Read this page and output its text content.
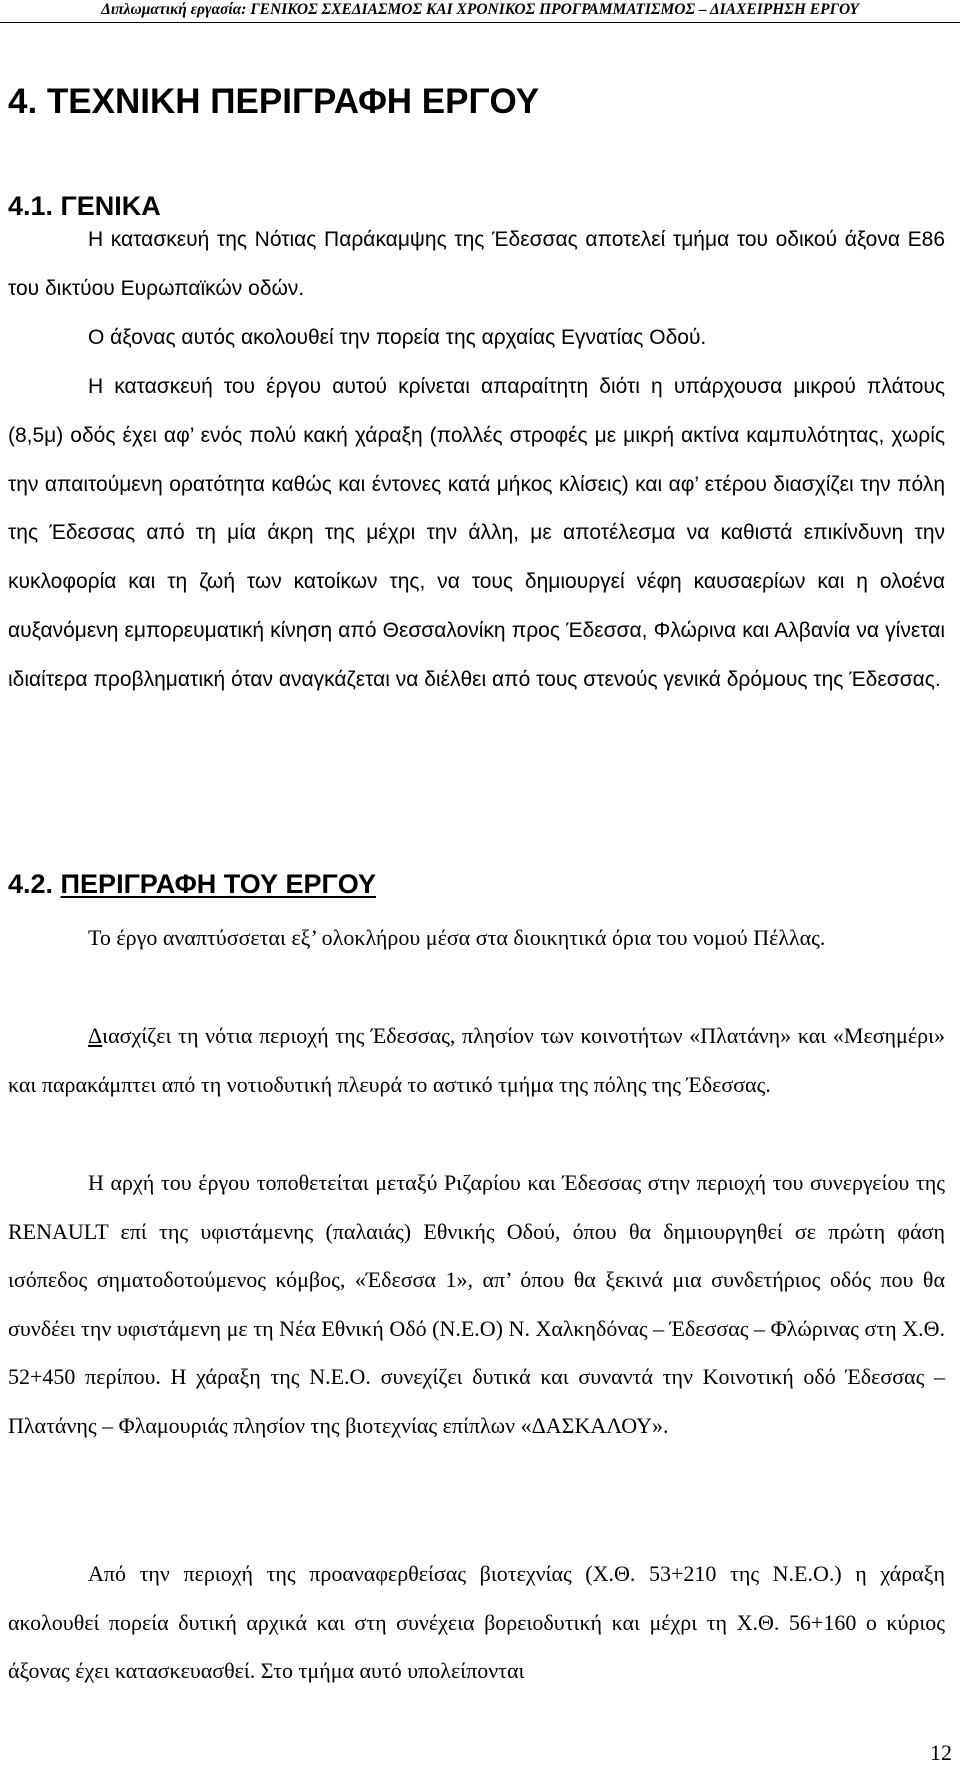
Διπλωματική εργασία: ΓΕΝΙΚΟΣ ΣΧΕΔΙΑΣΜΟΣ ΚΑΙ ΧΡΟΝΙΚΟΣ ΠΡΟΓΡΑΜΜΑΤΙΣΜΟΣ – ΔΙΑΧΕΙΡΗΣΗ ΕΡΓΟΥ
4. ΤΕΧΝΙΚΗ ΠΕΡΙΓΡΑΦΗ ΕΡΓΟΥ
4.1. ΓΕΝΙΚΑ

Η κατασκευή της Νότιας Παράκαμψης της Έδεσσας αποτελεί τμήμα του οδικού άξονα Ε86 του δικτύου Ευρωπαϊκών οδών.

Ο άξονας αυτός ακολουθεί την πορεία της αρχαίας Εγνατίας Οδού.

Η κατασκευή του έργου αυτού κρίνεται απαραίτητη διότι η υπάρχουσα μικρού πλάτους (8,5μ) οδός έχει αφ’ ενός πολύ κακή χάραξη (πολλές στροφές με μικρή ακτίνα καμπυλότητας, χωρίς την απαιτούμενη ορατότητα καθώς και έντονες κατά μήκος κλίσεις) και αφ’ ετέρου διασχίζει την πόλη της Έδεσσας από τη μία άκρη της μέχρι την άλλη, με αποτέλεσμα να καθιστά επικίνδυνη την κυκλοφορία και τη ζωή των κατοίκων της, να τους δημιουργεί νέφη καυσαερίων και η ολοένα αυξανόμενη εμπορευματική κίνηση από Θεσσαλονίκη προς Έδεσσα, Φλώρινα και Αλβανία να γίνεται ιδιαίτερα προβληματική όταν αναγκάζεται να διέλθει από τους στενούς γενικά δρόμους της Έδεσσας.

4.2. ΠΕΡΙΓΡΑΦΗ ΤΟΥ ΕΡΓΟΥ

Το έργο αναπτύσσεται εξ’ ολοκλήρου μέσα στα διοικητικά όρια του νομού Πέλλας.

Διασχίζει τη νότια περιοχή της Έδεσσας, πλησίον των κοινοτήτων «Πλατάνη» και «Μεσημέρι» και παρακάμπτει από τη νοτιοδυτική πλευρά το αστικό τμήμα της πόλης της Έδεσσας.

Η αρχή του έργου τοποθετείται μεταξύ Ριζαρίου και Έδεσσας στην περιοχή του συνεργείου της RENAULT επί της υφιστάμενης (παλαιάς) Εθνικής Οδού, όπου θα δημιουργηθεί σε πρώτη φάση ισόπεδος σηματοδοτούμενος κόμβος, «Έδεσσα 1», απ’ όπου θα ξεκινά μια συνδετήριος οδός που θα συνδέει την υφιστάμενη με τη Νέα Εθνική Οδό (Ν.Ε.Ο) Ν. Χαλκηδόνας – Έδεσσας – Φλώρινας στη Χ.Θ. 52+450 περίπου. Η χάραξη της Ν.Ε.Ο. συνεχίζει δυτικά και συναντά την Κοινοτική οδό Έδεσσας – Πλατάνης – Φλαμουριάς πλησίον της βιοτεχνίας επίπλων «ΔΑΣΚΑΛΟΥ».

Από την περιοχή της προαναφερθείσας βιοτεχνίας (Χ.Θ. 53+210 της Ν.Ε.Ο.) η χάραξη ακολουθεί πορεία δυτική αρχικά και στη συνέχεια βορειοδυτική και μέχρι τη Χ.Θ. 56+160 ο κύριος άξονας έχει κατασκευασθεί. Στο τμήμα αυτό υπολείπονται

12
